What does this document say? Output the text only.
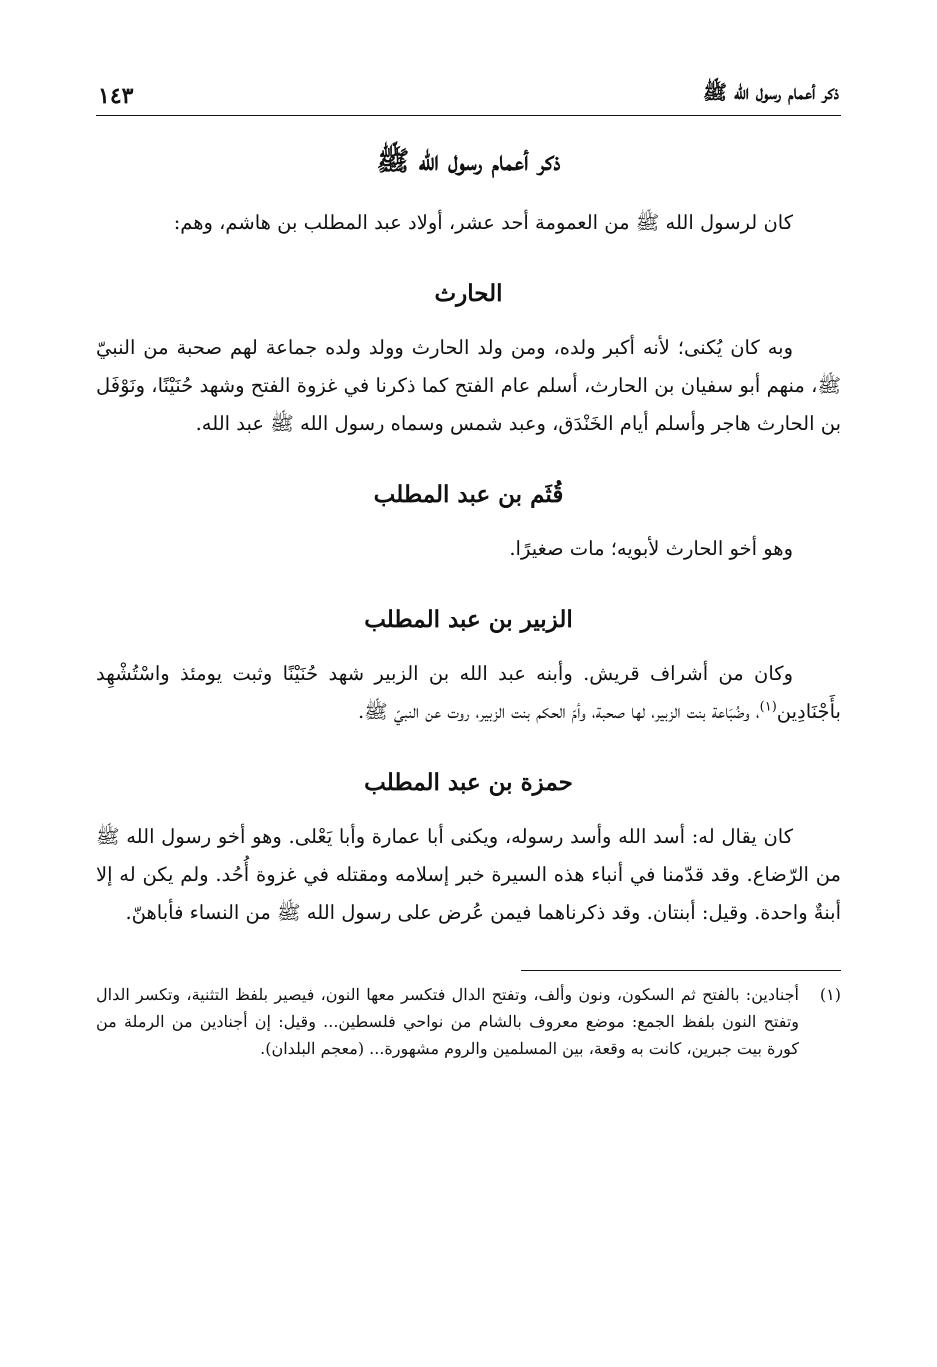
ذكر أعمام رسول الله ﷺ
١٤٣
ذكر أعمام رسول الله ﷺ

كان لرسول الله ﷺ من العمومة أحد عشر، أولاد عبد المطلب بن هاشم، وهم:

الحارث

وبه كان يُكنى؛ لأنه أكبر ولده، ومن ولد الحارث وولد ولده جماعة لهم صحبة من النبيّ ﷺ، منهم أبو سفيان بن الحارث، أسلم عام الفتح كما ذكرنا في غزوة الفتح وشهد حُنَيْنًا، ونَوْفَل بن الحارث هاجر وأسلم أيام الخَنْدَق، وعبد شمس وسماه رسول الله ﷺ عبد الله.

قُثَم بن عبد المطلب

وهو أخو الحارث لأبويه؛ مات صغيرًا.

الزبير بن عبد المطلب

وكان من أشراف قريش. وأبنه عبد الله بن الزبير شهد حُنَيْنًا وثبت يومئذ واسْتُشْهِد بأَجْنَادِين$^{(١)}$، وضُبَاعة بنت الزبير، لها صحبة، وأمّ الحكم بنت الزبير، روت عن النبيّ ﷺ.

حمزة بن عبد المطلب

كان يقال له: أسد الله وأسد رسوله، ويكنى أبا عمارة وأبا يَعْلى. وهو أخو رسول الله ﷺ من الرّضاع. وقد قدّمنا في أنباء هذه السيرة خبر إسلامه ومقتله في غزوة أُحُد. ولم يكن له إلا أبنةٌ واحدة. وقيل: أبنتان. وقد ذكرناهما فيمن عُرض على رسول الله ﷺ من النساء فأباهنّ.

(١)
أجنادين: بالفتح ثم السكون، ونون وألف، وتفتح الدال فتكسر معها النون، فيصير بلفظ التثنية، وتكسر الدال وتفتح النون بلفظ الجمع: موضع معروف بالشام من نواحي فلسطين... وقيل: إن أجنادين من الرملة من كورة بيت جبرين، كانت به وقعة، بين المسلمين والروم مشهورة... (معجم البلدان).
